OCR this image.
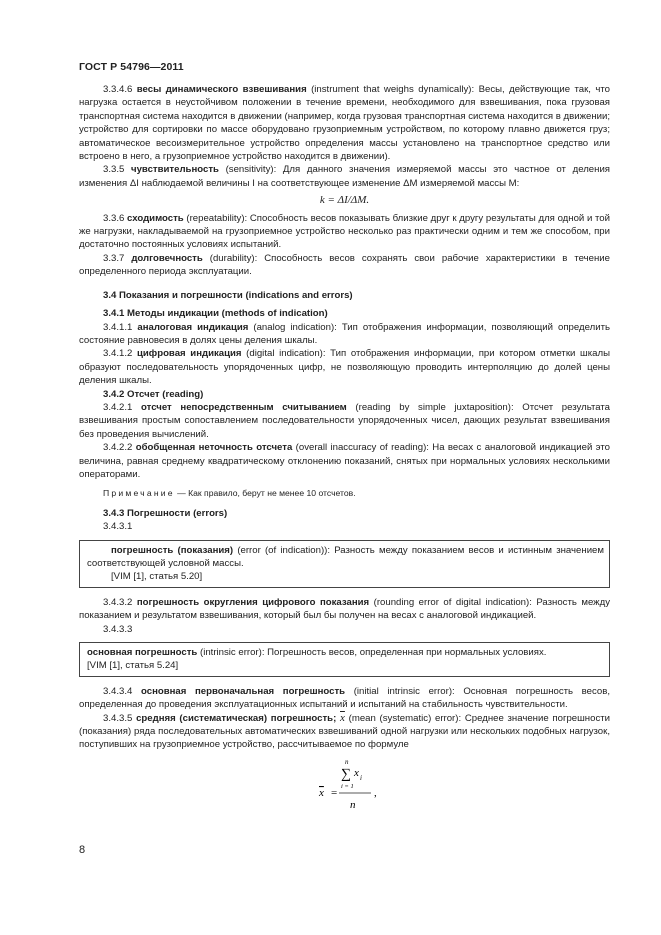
ГОСТ Р 54796—2011

3.3.4.6 весы динамического взвешивания (instrument that weighs dynamically): Весы, действующие так, что нагрузка остается в неустойчивом положении в течение времени, необходимого для взвешивания, пока грузовая транспортная система находится в движении (например, когда грузовая транспортная система находится в движении; устройство для сортировки по массе оборудовано грузоприемным устройством, по которому плавно движется груз; автоматическое весоизмерительное устройство определения массы установлено на транспортное средство или встроено в него, а грузоприемное устройство находится в движении).

3.3.5 чувствительность (sensitivity): Для данного значения измеряемой массы это частное от деления изменения ΔI наблюдаемой величины I на соответствующее изменение ΔM измеряемой массы M:

k = ΔI/ΔM.

3.3.6 сходимость (repeatability): Способность весов показывать близкие друг к другу результаты для одной и той же нагрузки, накладываемой на грузоприемное устройство несколько раз практически одним и тем же способом, при достаточно постоянных условиях испытаний.

3.3.7 долговечность (durability): Способность весов сохранять свои рабочие характеристики в течение определенного периода эксплуатации.

3.4 Показания и погрешности (indications and errors)

3.4.1 Методы индикации (methods of indication)

3.4.1.1 аналоговая индикация (analog indication): Тип отображения информации, позволяющий определить состояние равновесия в долях цены деления шкалы.

3.4.1.2 цифровая индикация (digital indication): Тип отображения информации, при котором отметки шкалы образуют последовательность упорядоченных цифр, не позволяющую проводить интерполяцию до долей цены деления шкалы.

3.4.2 Отсчет (reading)

3.4.2.1 отсчет непосредственным считыванием (reading by simple juxtaposition): Отсчет результата взвешивания простым сопоставлением последовательности упорядоченных чисел, дающих результат взвешивания без проведения вычислений.

3.4.2.2 обобщенная неточность отсчета (overall inaccuracy of reading): На весах с аналоговой индикацией это величина, равная среднему квадратическому отклонению показаний, снятых при нормальных условиях несколькими операторами.

Примечание — Как правило, берут не менее 10 отсчетов.

3.4.3 Погрешности (errors)

3.4.3.1

погрешность (показания) (error (of indication)): Разность между показанием весов и истинным значением соответствующей условной массы.

[VIM [1], статья 5.20]

3.4.3.2 погрешность округления цифрового показания (rounding error of digital indication): Разность между показанием и результатом взвешивания, который был бы получен на весах с аналоговой индикацией.

3.4.3.3

основная погрешность (intrinsic error): Погрешность весов, определенная при нормальных условиях.

[VIM [1], статья 5.24]

3.4.3.4 основная первоначальная погрешность (initial intrinsic error): Основная погрешность весов, определенная до проведения эксплуатационных испытаний и испытаний на стабильность чувствительности.

3.4.3.5 средняя (систематическая) погрешность; $\overline{x}$ (mean (systematic) error): Среднее значение погрешности (показания) ряда последовательных автоматических взвешиваний одной нагрузки или нескольких подобных нагрузок, поступивших на грузоприемное устройство, рассчитываемое по формуле

x =
n
∑ x i
i = 1
n
,
8
